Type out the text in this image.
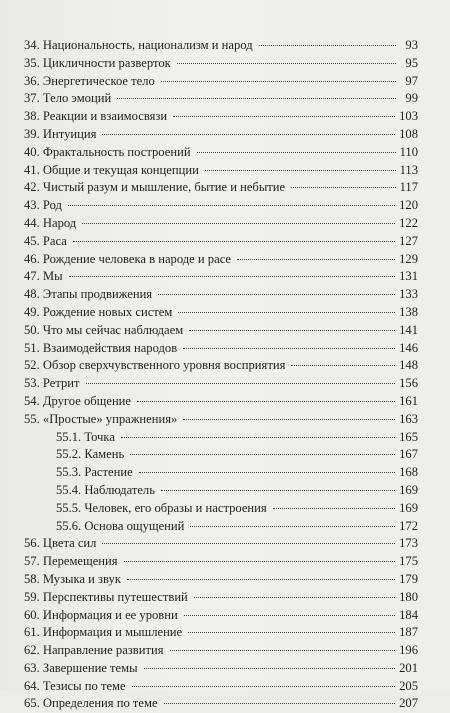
34. Национальность, национализм и народ	93
35. Цикличности разверток	95
36. Энергетическое тело	97
37. Тело эмоций	99
38. Реакции и взаимосвязи	103
39. Интуиция	108
40. Фрактальность построений	110
41. Общие и текущая концепции	113
42. Чистый разум и мышление, бытие и небытие	117
43. Род	120
44. Народ	122
45. Раса	127
46. Рождение человека в народе и расе	129
47. Мы	131
48. Этапы продвижения	133
49. Рождение новых систем	138
50. Что мы сейчас наблюдаем	141
51. Взаимодействия народов	146
52. Обзор сверхчувственного уровня восприятия	148
53. Ретрит	156
54. Другое общение	161
55. «Простые» упражнения»	163
55.1. Точка	165
55.2. Камень	167
55.3. Растение	168
55.4. Наблюдатель	169
55.5. Человек, его образы и настроения	169
55.6. Основа ощущений	172
56. Цвета сил	173
57. Перемещения	175
58. Музыка и звук	179
59. Перспективы путешествий	180
60. Информация и ее уровни	184
61. Информация и мышление	187
62. Направление развития	196
63. Завершение темы	201
64. Тезисы по теме	205
65. Определения по теме	207
